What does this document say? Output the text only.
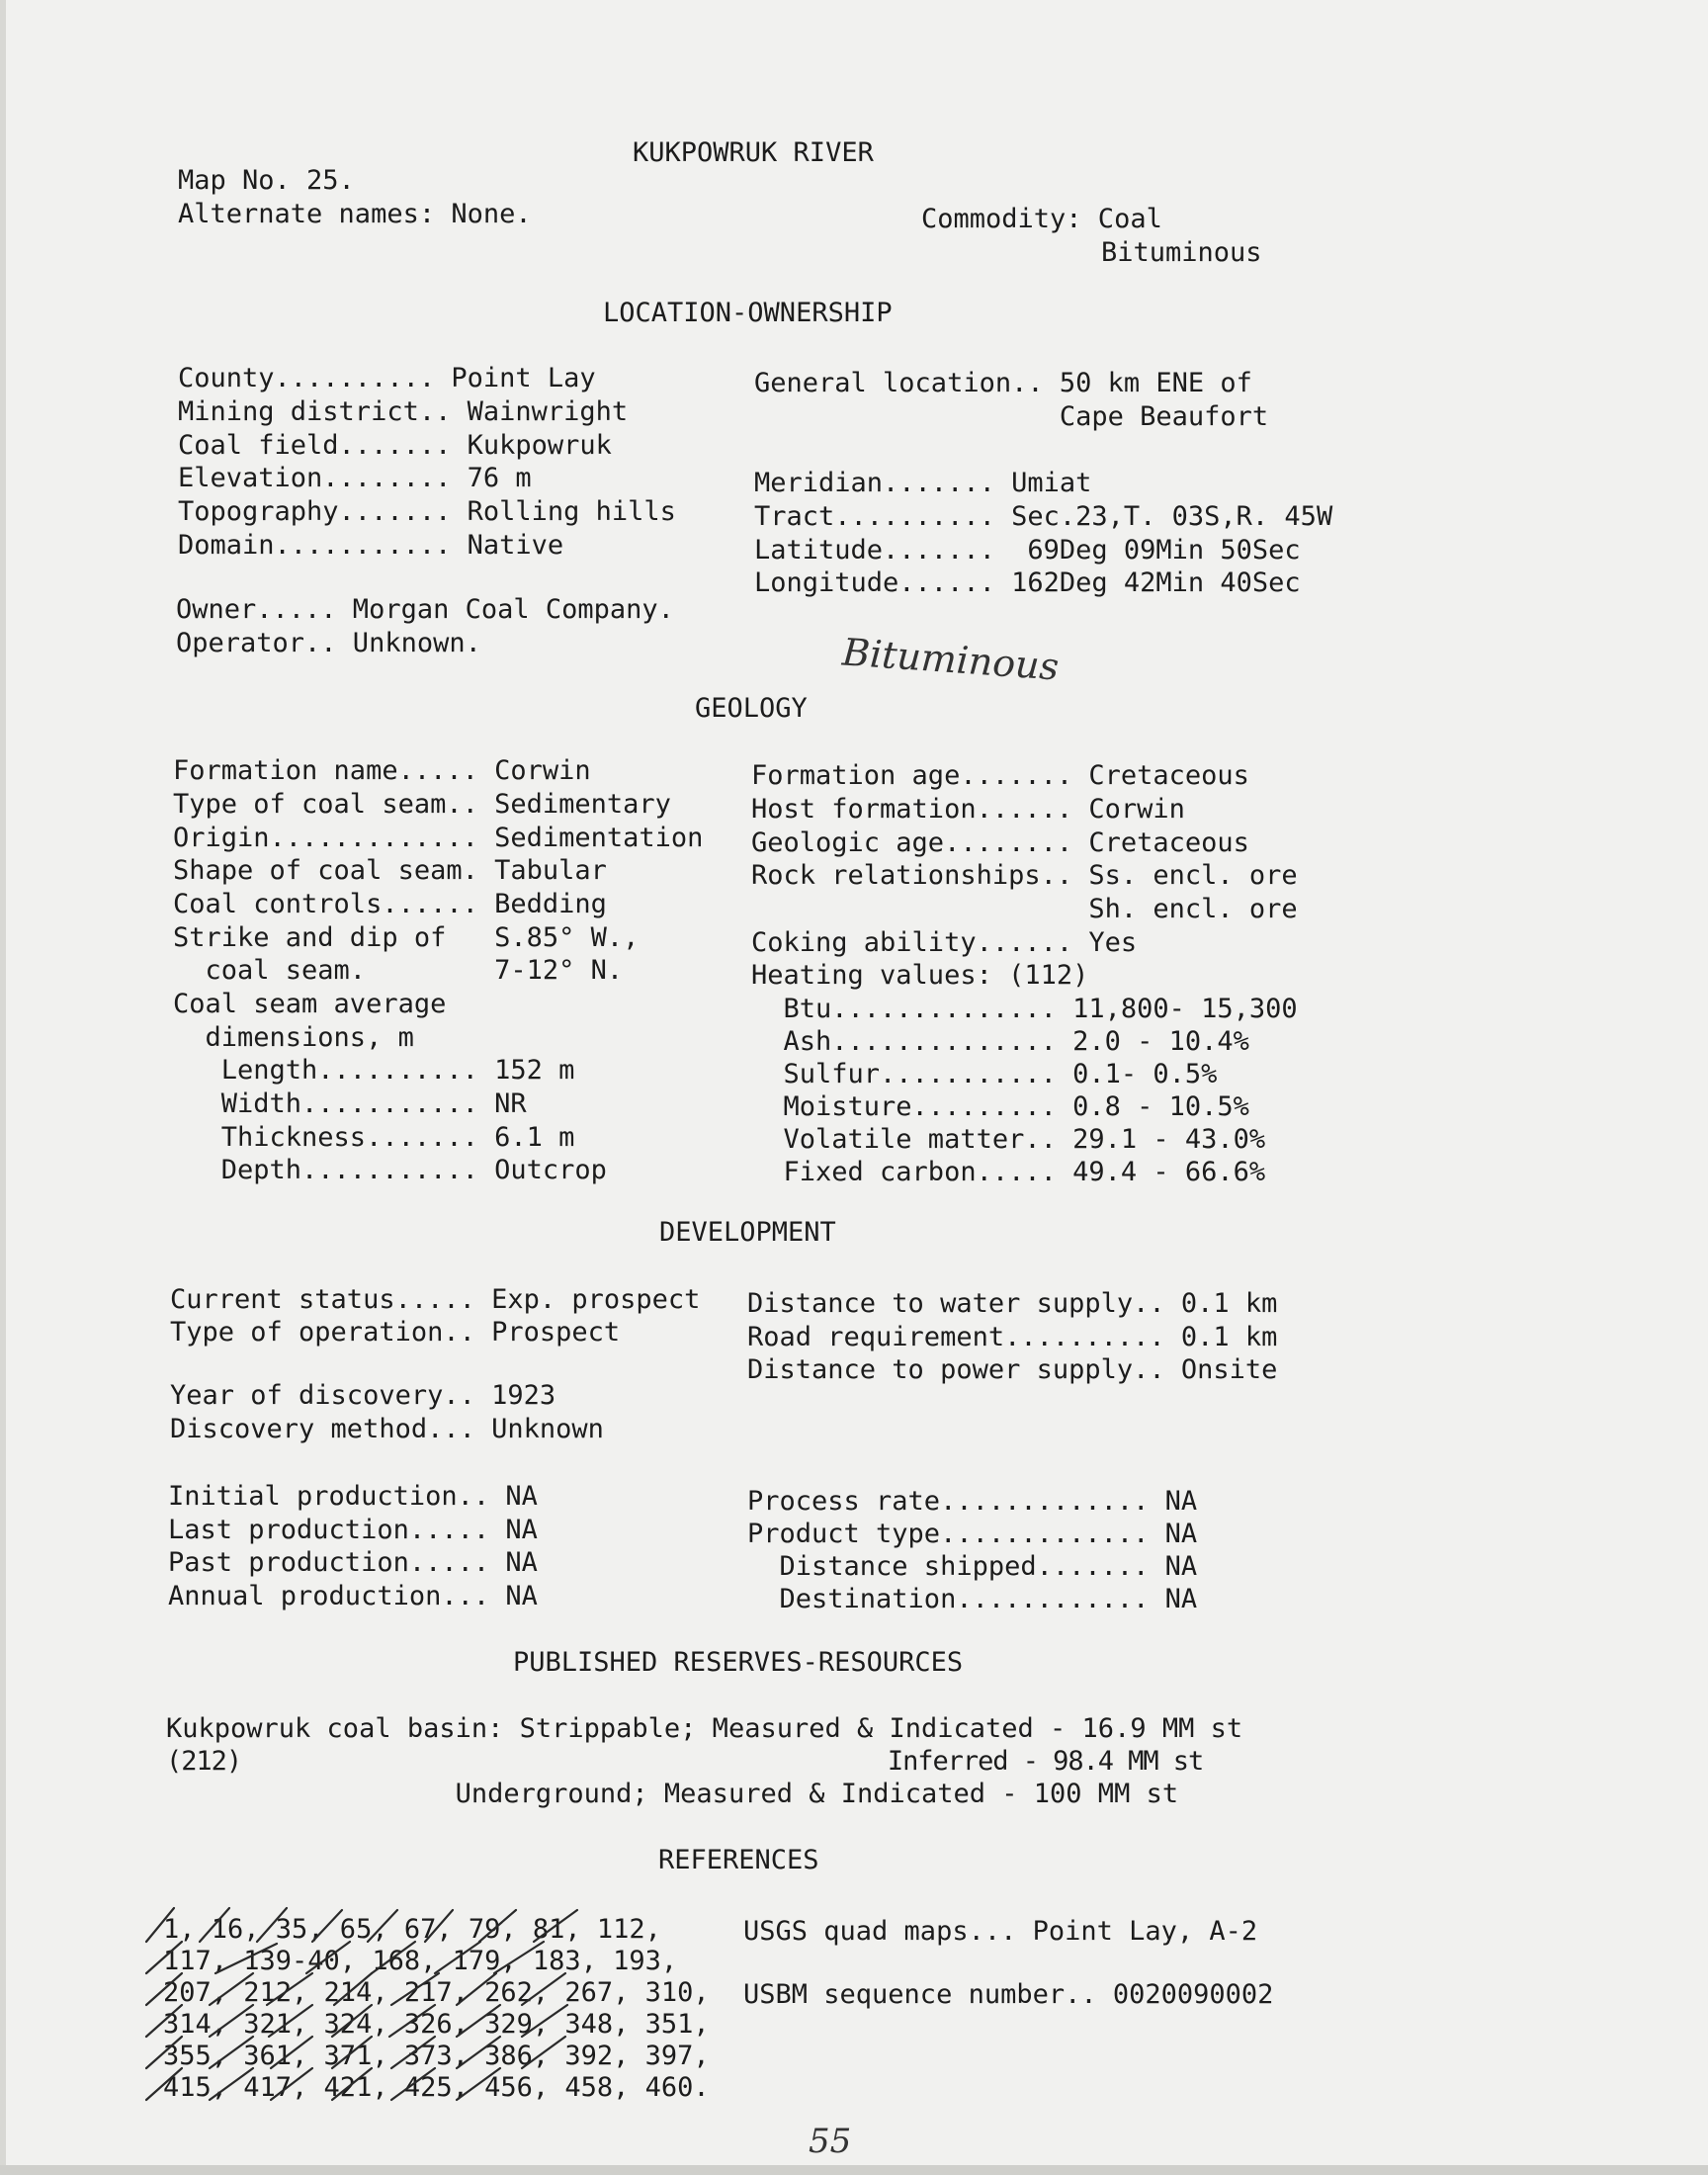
KUKPOWRUK RIVER
Map No. 25.
Alternate names: None.	Commodity: Coal
Bituminous
LOCATION-OWNERSHIP
County.......... Point Lay
Mining district.. Wainwright
Coal field....... Kukpowruk
Elevation........ 76 m
Topography....... Rolling hills
Domain........... Native
General location.. 50 km ENE of
Cape Beaufort
Meridian....... Umiat
Tract.......... Sec.23,T. 03S,R. 45W
Latitude.......  69Deg 09Min 50Sec
Longitude...... 162Deg 42Min 40Sec
Owner..... Morgan Coal Company.
Operator.. Unknown.	Bituminous
GEOLOGY
Formation name..... Corwin
Type of coal seam.. Sedimentary
Origin............. Sedimentation
Shape of coal seam. Tabular
Coal controls...... Bedding
Strike and dip of   S.85° W.,
coal seam.        7-12° N.
Coal seam average
dimensions, m
Length.......... 152 m
Width........... NR
Thickness....... 6.1 m
Depth........... Outcrop
Formation age....... Cretaceous
Host formation...... Corwin
Geologic age........ Cretaceous
Rock relationships.. Ss. encl. ore
Sh. encl. ore
Coking ability...... Yes
Heating values: (112)
Btu.............. 11,800- 15,300
Ash.............. 2.0 - 10.4%
Sulfur........... 0.1- 0.5%
Moisture......... 0.8 - 10.5%
Volatile matter.. 29.1 - 43.0%
Fixed carbon..... 49.4 - 66.6%
DEVELOPMENT
Current status..... Exp. prospect
Type of operation.. Prospect
Year of discovery.. 1923
Discovery method... Unknown
Initial production.. NA
Last production..... NA
Past production..... NA
Annual production... NA
Distance to water supply.. 0.1 km
Road requirement.......... 0.1 km
Distance to power supply.. Onsite
Process rate............. NA
Product type............. NA
Distance shipped....... NA
Destination............ NA
PUBLISHED RESERVES-RESOURCES
Kukpowruk coal basin: Strippable; Measured & Indicated - 16.9 MM st
(212)                                           Inferred - 98.4 MM st
Underground; Measured & Indicated - 100 MM st
REFERENCES
1, 16, 35, 65, 67, 79, 81, 112,
117, 139-40, 168, 179, 183, 193,
207, 212, 214, 217, 262, 267, 310,
314, 321, 324, 326, 329, 348, 351,
355, 361, 371, 373, 386, 392, 397,
415, 417, 421, 425, 456, 458, 460.
USGS quad maps... Point Lay, A-2
USBM sequence number.. 0020090002
55
